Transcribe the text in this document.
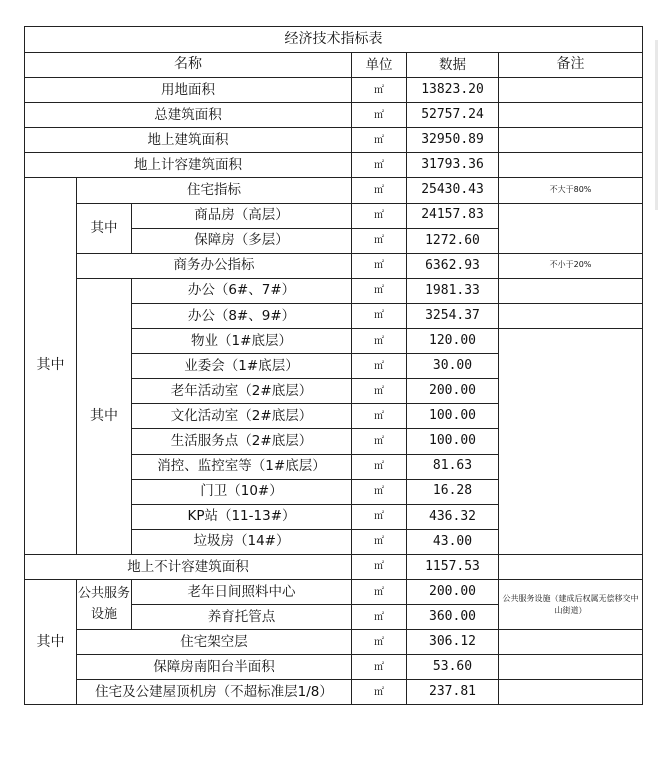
经济技术指标表					
名称			单位	数据	备注
用地面积			㎡	13823.20	
总建筑面积			㎡	52757.24	
地上建筑面积			㎡	32950.89	
地上计容建筑面积			㎡	31793.36	
其中	住宅指标		㎡	25430.43	不大于80%
	其中	商品房（高层）	㎡	24157.83	
		保障房（多层）	㎡	1272.60	
	商务办公指标		㎡	6362.93	不小于20%
	其中	办公（6#、7#）	㎡	1981.33	
		办公（8#、9#）	㎡	3254.37	
		物业（1#底层）	㎡	120.00	
		业委会（1#底层）	㎡	30.00	
		老年活动室（2#底层）	㎡	200.00	
		文化活动室（2#底层）	㎡	100.00	
		生活服务点（2#底层）	㎡	100.00	
		消控、监控室等（1#底层）	㎡	81.63	
		门卫（10#）	㎡	16.28	
		KP站（11-13#）	㎡	436.32	
		垃圾房（14#）	㎡	43.00	
地上不计容建筑面积			㎡	1157.53	
其中	公共服务设施	老年日间照料中心	㎡	200.00	公共服务设施（建成后权属无偿移交中山街道）
		养育托管点	㎡	360.00	
	住宅架空层		㎡	306.12	
	保障房南阳台半面积		㎡	53.60	
	住宅及公建屋顶机房（不超标准层1/8）		㎡	237.81	
